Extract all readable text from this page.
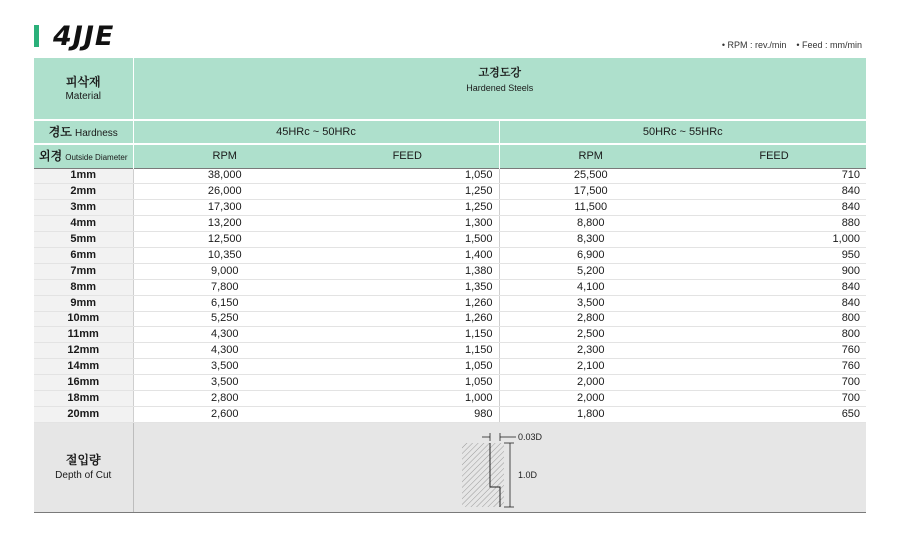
4JJE	• RPM : rev./min	• Feed : mm/min
피삭재
Material	고경도강
Hardened Steels			
경도 Hardness	45HRc ~ 50HRc		50HRc ~ 55HRc	
외경 Outside Diameter	RPM	FEED	RPM	FEED
1mm	38,000	1,050	25,500	710
2mm	26,000	1,250	17,500	840
3mm	17,300	1,250	11,500	840
4mm	13,200	1,300	8,800	880
5mm	12,500	1,500	8,300	1,000
6mm	10,350	1,400	6,900	950
7mm	9,000	1,380	5,200	900
8mm	7,800	1,350	4,100	840
9mm	6,150	1,260	3,500	840
10mm	5,250	1,260	2,800	800
11mm	4,300	1,150	2,500	800
12mm	4,300	1,150	2,300	760
14mm	3,500	1,050	2,100	760
16mm	3,500	1,050	2,000	700
18mm	2,800	1,000	2,000	700
20mm	2,600	980	1,800	650

절입량
Depth of Cut	0.03D
1.0D			
